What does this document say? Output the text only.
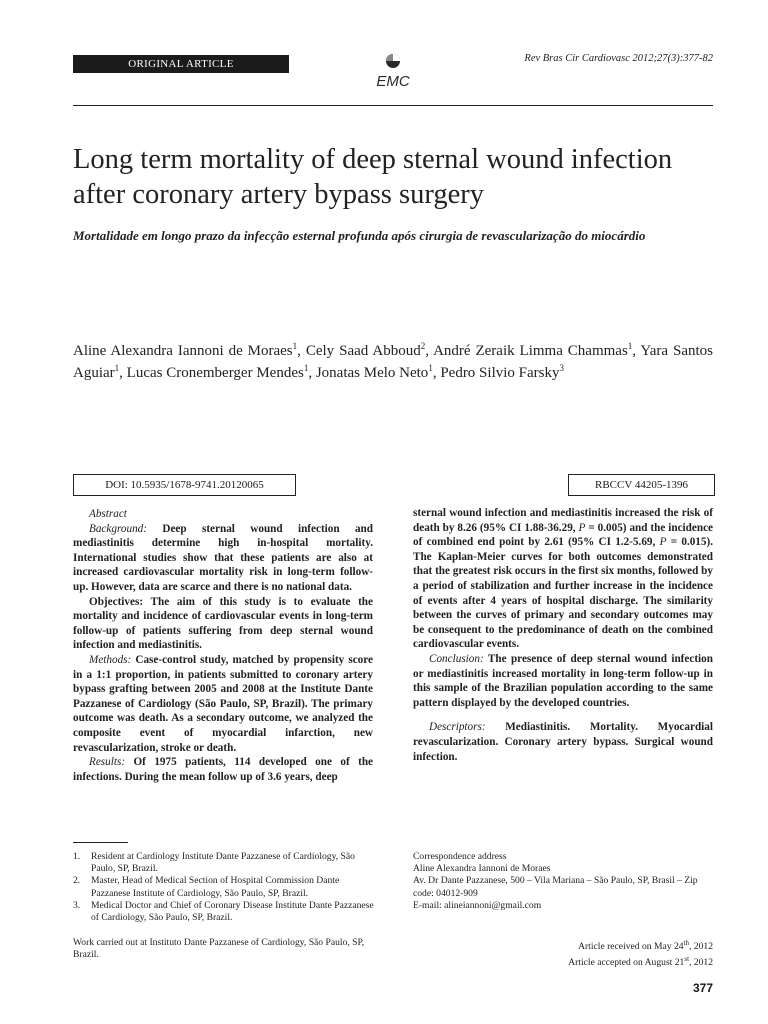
ORIGINAL ARTICLE
EMC
Rev Bras Cir Cardiovasc 2012;27(3):377-82
Long term mortality of deep sternal wound infection after coronary artery bypass surgery
Mortalidade em longo prazo da infecção esternal profunda após cirurgia de revascularização do miocárdio
Aline Alexandra Iannoni de Moraes$^1$, Cely Saad Abboud$^2$, André Zeraik Limma Chammas$^1$, Yara Santos Aguiar$^1$, Lucas Cronemberger Mendes$^1$, Jonatas Melo Neto$^1$, Pedro Silvio Farsky$^3$
DOI: 10.5935/1678-9741.20120065	RBCCV 44205-1396

Abstract

Background: Deep sternal wound infection and mediastinitis determine high in-hospital mortality. International studies show that these patients are also at increased cardiovascular mortality risk in long-term follow-up. However, data are scarce and there is no national data.

Objectives: The aim of this study is to evaluate the mortality and incidence of cardiovascular events in long-term follow-up of patients suffering from deep sternal wound infection and mediastinitis.

Methods: Case-control study, matched by propensity score in a 1:1 proportion, in patients submitted to coronary artery bypass grafting between 2005 and 2008 at the Institute Dante Pazzanese of Cardiology (São Paulo, SP, Brazil). The primary outcome was death. As a secondary outcome, we analyzed the composite event of myocardial infarction, new revascularization, stroke or death.

Results: Of 1975 patients, 114 developed one of the infections. During the mean follow up of 3.6 years, deep

sternal wound infection and mediastinitis increased the risk of death by 8.26 (95% CI 1.88-36.29, P = 0.005) and the incidence of combined end point by 2.61 (95% CI 1.2-5.69, P = 0.015). The Kaplan-Meier curves for both outcomes demonstrated that the greatest risk occurs in the first six months, followed by a period of stabilization and further increase in the incidence of events after 4 years of hospital discharge. The similarity between the curves of primary and secondary outcomes may be consequent to the predominance of death on the combined cardiovascular events.

Conclusion: The presence of deep sternal wound infection or mediastinitis increased mortality in long-term follow-up in this sample of the Brazilian population according to the same pattern displayed by the developed countries.

Descriptors: Mediastinitis. Mortality. Myocardial revascularization. Coronary artery bypass. Surgical wound infection.

1.	Resident at Cardiology Institute Dante Pazzanese of Cardiology, São Paulo, SP, Brazil.
2.	Master, Head of Medical Section of Hospital Commission Dante Pazzanese Institute of Cardiology, São Paulo, SP, Brazil.
3.	Medical Doctor and Chief of Coronary Disease Institute Dante Pazzanese of Cardiology, São Paulo, SP, Brazil.
Work carried out at Instituto Dante Pazzanese of Cardiology, São Paulo, SP, Brazil.
Correspondence address
Aline Alexandra Iannoni de Moraes
Av. Dr Dante Pazzanese, 500 – Vila Mariana – São Paulo, SP, Brasil – Zip code: 04012-909
E-mail: alineiannoni@gmail.com
Article received on May 24th, 2012
Article accepted on August 21st, 2012
377
